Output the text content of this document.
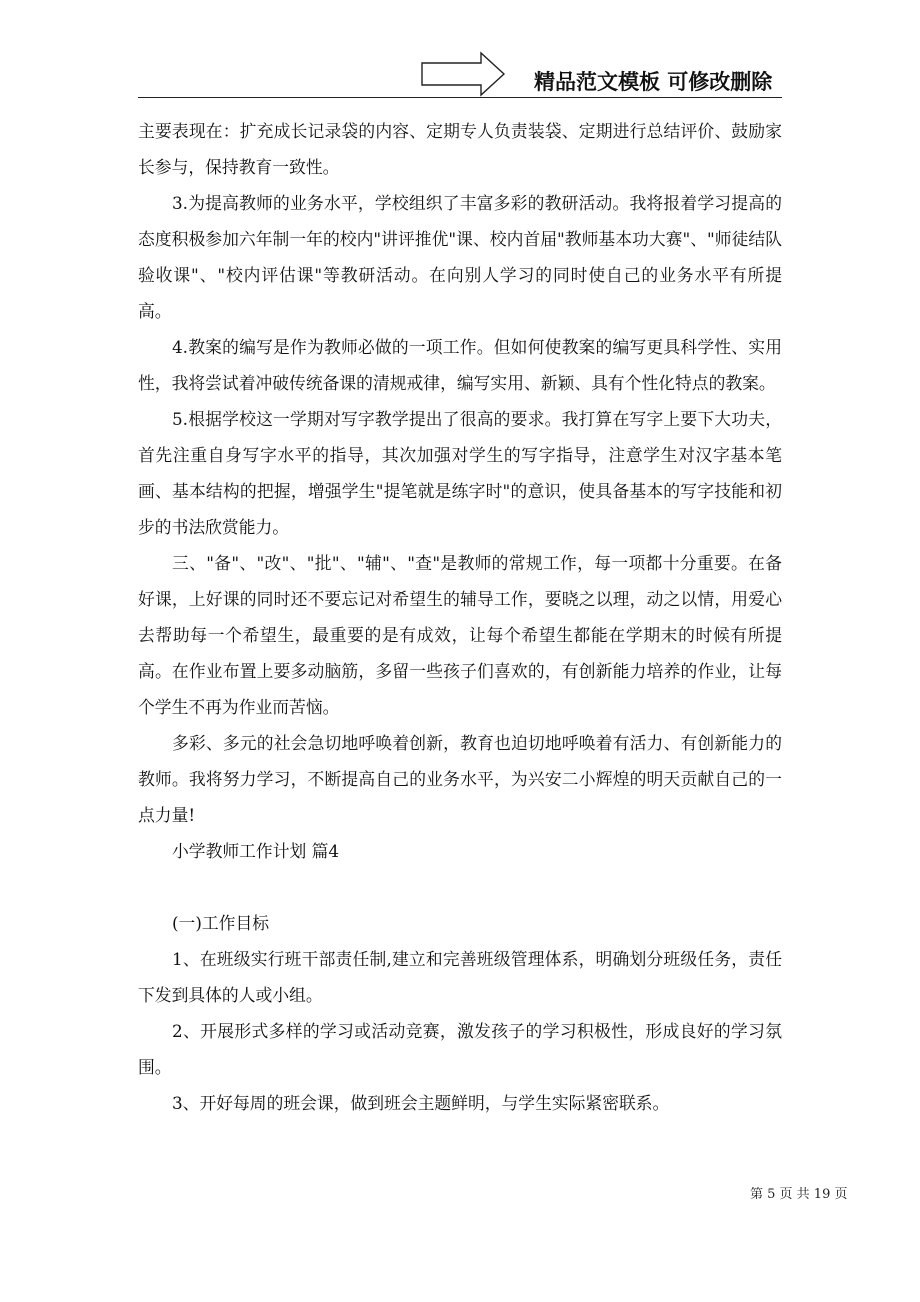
精品范文模板 可修改删除

主要表现在：扩充成长记录袋的内容、定期专人负责装袋、定期进行总结评价、鼓励家长参与，保持教育一致性。

3.为提高教师的业务水平，学校组织了丰富多彩的教研活动。我将报着学习提高的态度积极参加六年制一年的校内"讲评推优"课、校内首届"教师基本功大赛"、"师徒结队验收课"、"校内评估课"等教研活动。在向别人学习的同时使自己的业务水平有所提高。

4.教案的编写是作为教师必做的一项工作。但如何使教案的编写更具科学性、实用性，我将尝试着冲破传统备课的清规戒律，编写实用、新颖、具有个性化特点的教案。

5.根据学校这一学期对写字教学提出了很高的要求。我打算在写字上要下大功夫，首先注重自身写字水平的指导，其次加强对学生的写字指导，注意学生对汉字基本笔画、基本结构的把握，增强学生"提笔就是练字时"的意识，使具备基本的写字技能和初步的书法欣赏能力。

三、"备"、"改"、"批"、"辅"、"查"是教师的常规工作，每一项都十分重要。在备好课，上好课的同时还不要忘记对希望生的辅导工作，要晓之以理，动之以情，用爱心去帮助每一个希望生，最重要的是有成效，让每个希望生都能在学期末的时候有所提高。在作业布置上要多动脑筋，多留一些孩子们喜欢的，有创新能力培养的作业，让每个学生不再为作业而苦恼。

多彩、多元的社会急切地呼唤着创新，教育也迫切地呼唤着有活力、有创新能力的教师。我将努力学习，不断提高自己的业务水平，为兴安二小辉煌的明天贡献自己的一点力量!

小学教师工作计划 篇4

(一)工作目标

1、在班级实行班干部责任制,建立和完善班级管理体系，明确划分班级任务，责任下发到具体的人或小组。

2、开展形式多样的学习或活动竞赛，激发孩子的学习积极性，形成良好的学习氛围。

3、开好每周的班会课，做到班会主题鲜明，与学生实际紧密联系。

第 5 页 共 19 页
